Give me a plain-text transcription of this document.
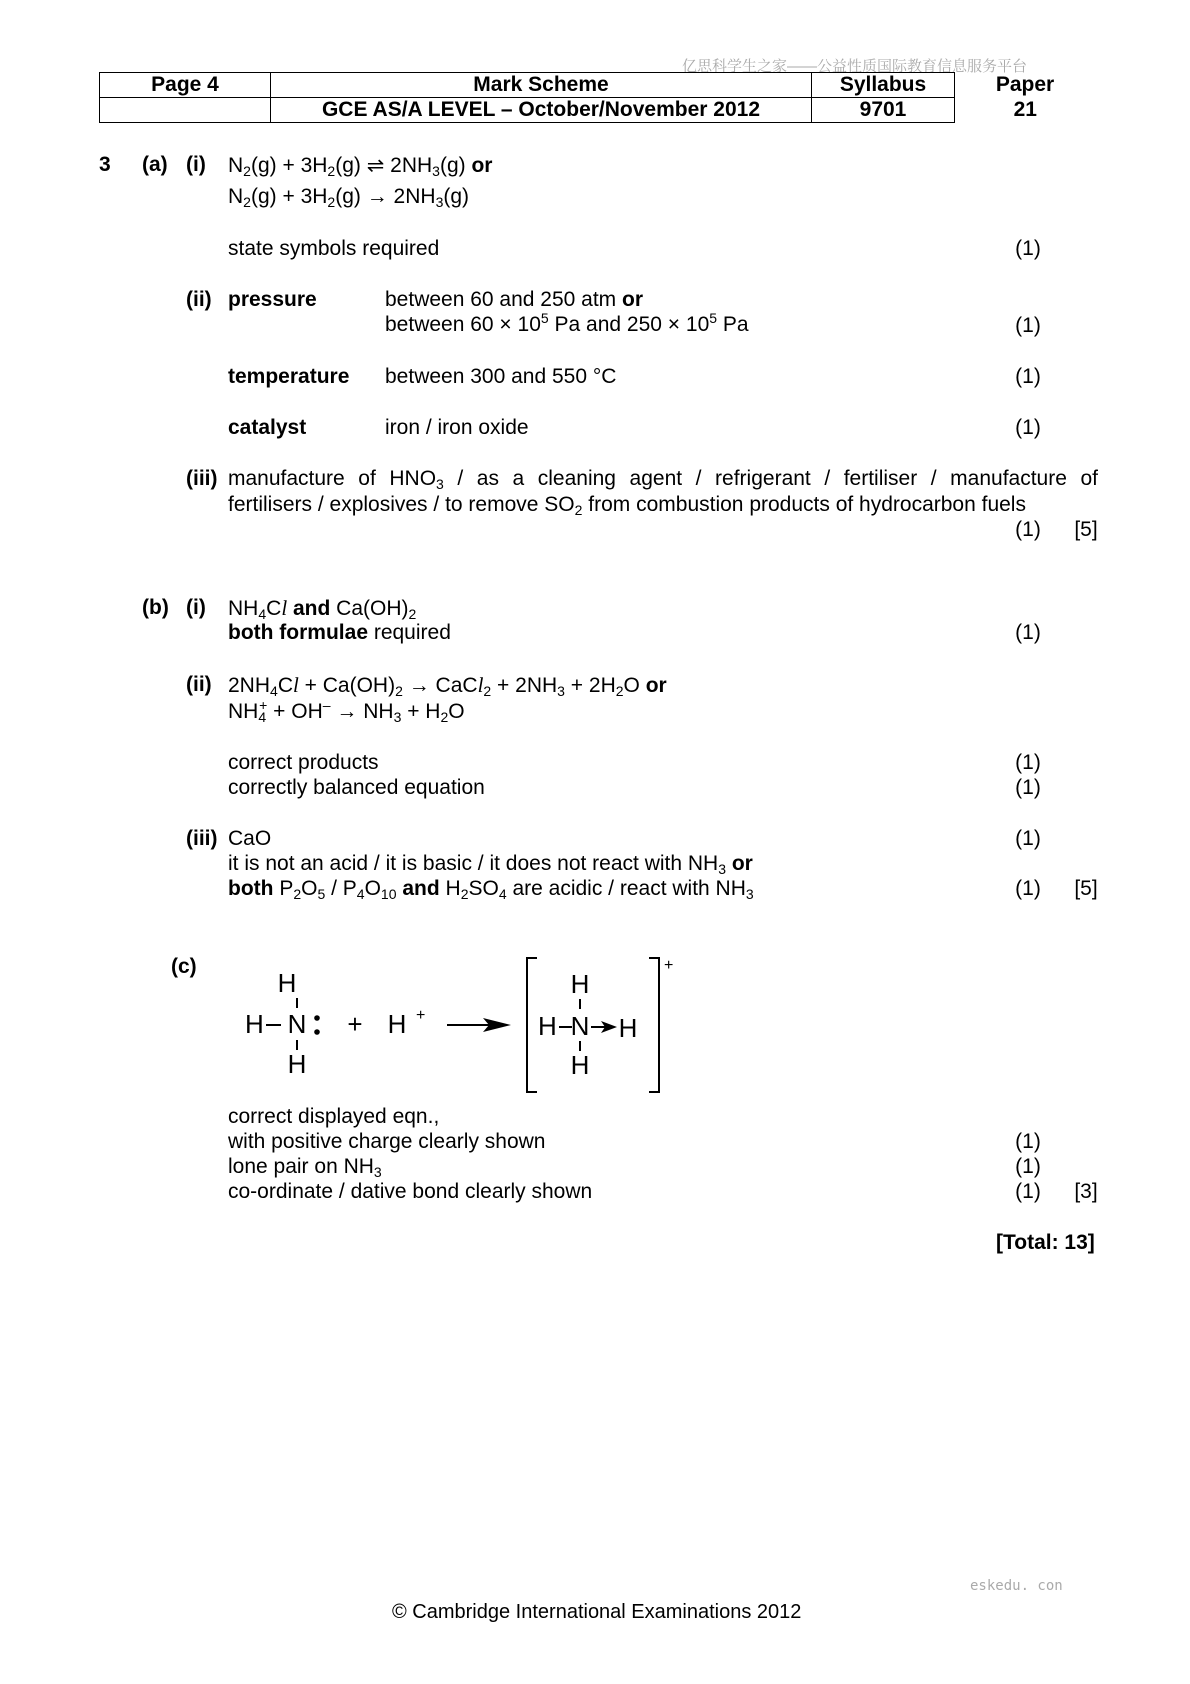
亿思科学生之家——公益性质国际教育信息服务平台
Page 4	Mark Scheme	Syllabus	Paper
	GCE AS/A LEVEL – October/November 2012	9701	21
3 (a) (i) $N_2(g) + 3H_2(g)$ ⇌ $2NH_3(g)$ or
$N_2(g) + 3H_2(g) \to 2NH_3(g)$
state symbols required	(1)
(ii) pressure	between 60 and 250 atm or
between $60 \times 10^5$ Pa and $250 \times 10^5$ Pa	(1)
temperature between 300 and 550 °C	(1)
catalyst	iron / iron oxide	(1)
(iii) manufacture of $HNO_3$ / as a cleaning agent / refrigerant / fertiliser / manufacture of
fertilisers / explosives / to remove $SO_2$ from combustion products of hydrocarbon fuels
(1)	[5]
(b) (i) $NH_4Cl$ and $Ca(OH)_2$
both formulae required	(1)
(ii) $2NH_4Cl + Ca(OH)_2$ → CaCl$_2$ + $2NH_3 + 2H_2O$ or
$NH_4^+ + OH^- \to NH_3 + H_2O$
correct products	(1)
correctly balanced equation	(1)
(iii) CaO	(1)
it is not an acid / it is basic / it does not react with $NH_3$ or
both $P_2O_5 / P_4O_{10}$ and $H_2SO_4$ are acidic / react with $NH_3$	(1)	[5]
(c)
H
H N
H
+ H +
+
H
H N H
H
correct displayed eqn.,
with positive charge clearly shown	(1)
lone pair on $NH_3$	(1)
co-ordinate / dative bond clearly shown	(1)	[3]
[Total: 13]
eskedu. con
© Cambridge International Examinations 2012
